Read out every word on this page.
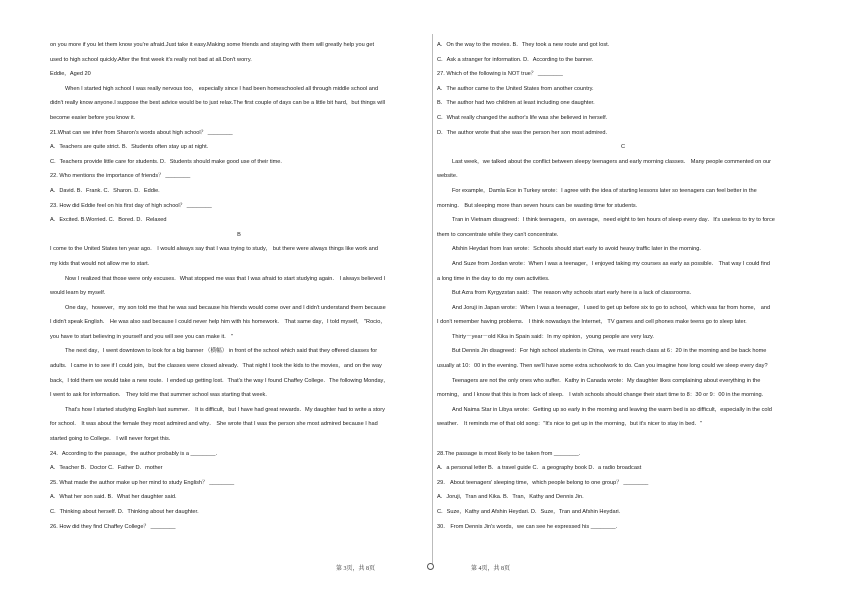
on you more if you let them know you're afraid.Just take it easy.Making some friends and staying with them will greatly help you get
used to high school quickly.After the first week it's really not bad at all.Don't worry.
Eddie，Aged 20
When I started high school I was really nervous too， especially since I had been homeschooled all through middle school and
didn't really know anyone.I suppose the best advice would be to just relax.The first couple of days can be a little bit hard，but things will
become easier before you know it.
21.What can we infer from Sharon's words about high school？ ________
A．Teachers are quite strict. B．Students often stay up at night.
C．Teachers provide little care for students. D．Students should make good use of their time.
22. Who mentions the importance of friends？ ________
A．David. B．Frank. C．Sharon. D．Eddie.
23. How did Eddie feel on his first day of high school？ ________
A．Excited. B.Worried. C．Bored. D．Relaxed
B
I come to the United States ten year ago． I would always say that I was trying to study， but there were always things like work and
my kids that would not allow me to start.
Now I realized that those were only excuses．What stopped me was that I was afraid to start studying again． I always believed I
would learn by myself.
One day，however，my son told me that he was sad because his friends would come over and I didn't understand them because
I didn't speak English． He was also sad because I could never help him with his homework． That same day，I told myself， "Rocio，
you have to start believing in yourself and you will see you can make it． "
The next day，I went downtown to look for a big banner （横幅） in front of the school which said that they offered classes for
adults．I came in to see if I could join，but the classes were closed already．That night I took the kids to the movies，and on the way
back，I told them we would take a new route．I ended up getting lost．That's the way I found Chaffey College．The following Monday，
I went to ask for information． They told me that summer school was starting that week.
That's how I started studying English last summer． It is difficult，but I have had great rewards．My daughter had to write a story
for school． It was about the female they most admired and why． She wrote that I was the person she most admired because I had
started going to College． I will never forget this．
24．According to the passage，the author probably is a ________.
A．Teacher B．Doctor C．Father D．mother
25. What made the author make up her mind to study English？ ________
A．What her son said. B．What her daughter said.
C．Thinking about herself. D．Thinking about her daughter.
26. How did they find Chaffey College？ ________
A．On the way to the movies. B．They took a new route and got lost.
C．Ask a stranger for information. D．According to the banner.
27. Which of the following is NOT true？ ________
A．The author came to the United States from another country.
B．The author had two children at least including one daughter.
C．What really changed the author's life was she believed in herself.
D．The author wrote that she was the person her son most admired.
C
Last week，we talked about the conflict between sleepy teenagers and early morning classes． Many people commented on our
website．
For example，Damla Ece in Turkey wrote：I agree with the idea of starting lessons later so teenagers can feel better in the
morning． But sleeping more than seven hours can be wasting time for students.
Tran in Vietnam disagreed：I think teenagers，on average，need eight to ten hours of sleep every day．It's useless to try to force
them to concentrate while they can't concentrate.
Afshin Heydari from Iran wrote：Schools should start early to avoid heavy traffic later in the morning.
And Suze from Jordan wrote：When I was a teenager，I enjoyed taking my courses as early as possible． That way I could find
a long time in the day to do my own activities.
But Azra from Kyrgyzstan said：The reason why schools start early here is a lack of classrooms.
And Joruji in Japan wrote：When I was a teenager，I used to get up before six to go to school，which was far from home， and
I don't remember having problems． I think nowadays the Internet， TV games and cell phones make teens go to sleep later.
Thirty－year－old Kika in Spain said：In my opinion，young people are very lazy.
But Dennis Jin disagreed：For high school students in China，we must reach class at 6：20 in the morning and be back home
usually at 10：00 in the evening. Then we'll have some extra schoolwork to do. Can you imagine how long could we sleep every day?
Teenagers are not the only ones who suffer．Kathy in Canada wrote：My daughter likes complaining about everything in the
morning，and I know that this is from lack of sleep． I wish schools should change their start time to 8：30 or 9：00 in the morning.
And Naima Star in Libya wrote：Getting up so early in the morning and leaving the warm bed is so difficult，especially in the cold
weather． It reminds me of that old song："It's nice to get up in the morning，but it's nicer to stay in bed．"
28.The passage is most likely to be taken from ________.
A．a personal letter B．a travel guide C．a geography book D．a radio broadcast
29． About teenagers' sleeping time，which people belong to one group？ ________
A．Joruji，Tran and Kika. B．Tran，Kathy and Dennis Jin.
C．Suze，Kathy and Afshin Heydari. D．Suze，Tran and Afshin Heydari.
30． From Dennis Jin's words，we can see he expressed his ________.
第 3页，共 8页	第 4页，共 8页
